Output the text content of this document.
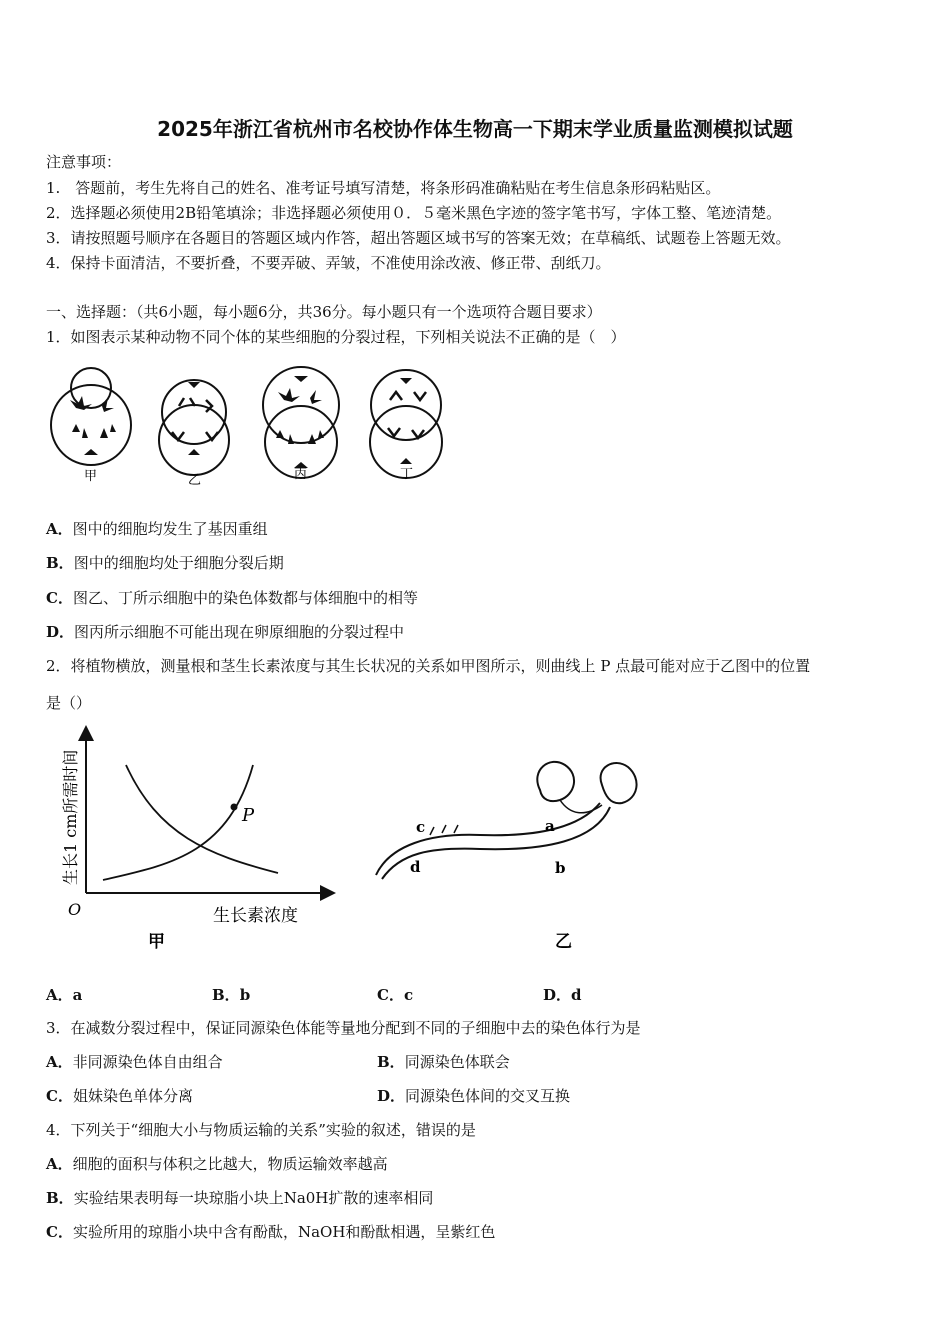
2025年浙江省杭州市名校协作体生物高一下期末学业质量监测模拟试题
注意事项：
1.　答题前，考生先将自己的姓名、准考证号填写清楚，将条形码准确粘贴在考生信息条形码粘贴区。
2．选择题必须使用2B铅笔填涂；非选择题必须使用０．５毫米黑色字迹的签字笔书写，字体工整、笔迹清楚。
3．请按照题号顺序在各题目的答题区域内作答，超出答题区域书写的答案无效；在草稿纸、试题卷上答题无效。
4．保持卡面清洁，不要折叠，不要弄破、弄皱，不准使用涂改液、修正带、刮纸刀。
一、选择题：（共6小题，每小题6分，共36分。每小题只有一个选项符合题目要求）
1．如图表示某种动物不同个体的某些细胞的分裂过程，下列相关说法不正确的是（　）
甲	乙	丙	丁
A．图中的细胞均发生了基因重组
B．图中的细胞均处于细胞分裂后期
C．图乙、丁所示细胞中的染色体数都与体细胞中的相等
D．图丙所示细胞不可能出现在卵原细胞的分裂过程中
2．将植物横放，测量根和茎生长素浓度与其生长状况的关系如甲图所示，则曲线上 P 点最可能对应于乙图中的位置
是（）
P
O	生长素浓度
生长1 cm所需时间
甲
a
b
c
d
乙
A．a	B．b	C．c	D．d
3．在减数分裂过程中，保证同源染色体能等量地分配到不同的子细胞中去的染色体行为是
A．非同源染色体自由组合	B．同源染色体联会
C．姐妹染色单体分离	D．同源染色体间的交叉互换
4．下列关于“细胞大小与物质运输的关系”实验的叙述，错误的是
A．细胞的面积与体积之比越大，物质运输效率越高
B．实验结果表明每一块琼脂小块上Na0H扩散的速率相同
C．实验所用的琼脂小块中含有酚酞，NaOH和酚酞相遇，呈紫红色
